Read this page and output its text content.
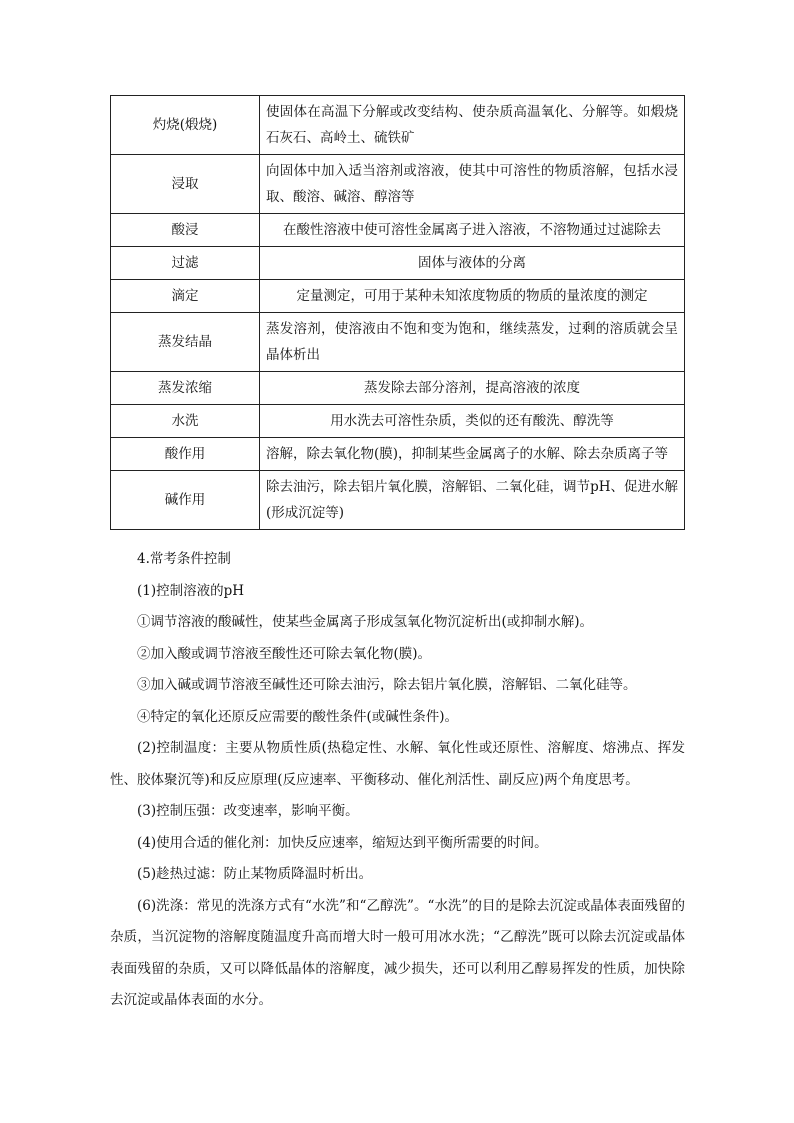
灼烧(煅烧)	使固体在高温下分解或改变结构、使杂质高温氧化、分解等。如煅烧石灰石、高岭土、硫铁矿
浸取	向固体中加入适当溶剂或溶液，使其中可溶性的物质溶解，包括水浸取、酸溶、碱溶、醇溶等
酸浸	在酸性溶液中使可溶性金属离子进入溶液，不溶物通过过滤除去
过滤	固体与液体的分离
滴定	定量测定，可用于某种未知浓度物质的物质的量浓度的测定
蒸发结晶	蒸发溶剂，使溶液由不饱和变为饱和，继续蒸发，过剩的溶质就会呈晶体析出
蒸发浓缩	蒸发除去部分溶剂，提高溶液的浓度
水洗	用水洗去可溶性杂质，类似的还有酸洗、醇洗等
酸作用	溶解，除去氧化物(膜)，抑制某些金属离子的水解、除去杂质离子等
碱作用	除去油污，除去铝片氧化膜，溶解铝、二氧化硅，调节pH、促进水解(形成沉淀等)

4.常考条件控制

(1)控制溶液的pH

①调节溶液的酸碱性，使某些金属离子形成氢氧化物沉淀析出(或抑制水解)。

②加入酸或调节溶液至酸性还可除去氧化物(膜)。

③加入碱或调节溶液至碱性还可除去油污，除去铝片氧化膜，溶解铝、二氧化硅等。

④特定的氧化还原反应需要的酸性条件(或碱性条件)。

(2)控制温度：主要从物质性质(热稳定性、水解、氧化性或还原性、溶解度、熔沸点、挥发性、胶体聚沉等)和反应原理(反应速率、平衡移动、催化剂活性、副反应)两个角度思考。

(3)控制压强：改变速率，影响平衡。

(4)使用合适的催化剂：加快反应速率，缩短达到平衡所需要的时间。

(5)趁热过滤：防止某物质降温时析出。

(6)洗涤：常见的洗涤方式有“水洗”和“乙醇洗”。“水洗”的目的是除去沉淀或晶体表面残留的杂质，当沉淀物的溶解度随温度升高而增大时一般可用冰水洗；“乙醇洗”既可以除去沉淀或晶体表面残留的杂质，又可以降低晶体的溶解度，减少损失，还可以利用乙醇易挥发的性质，加快除去沉淀或晶体表面的水分。
